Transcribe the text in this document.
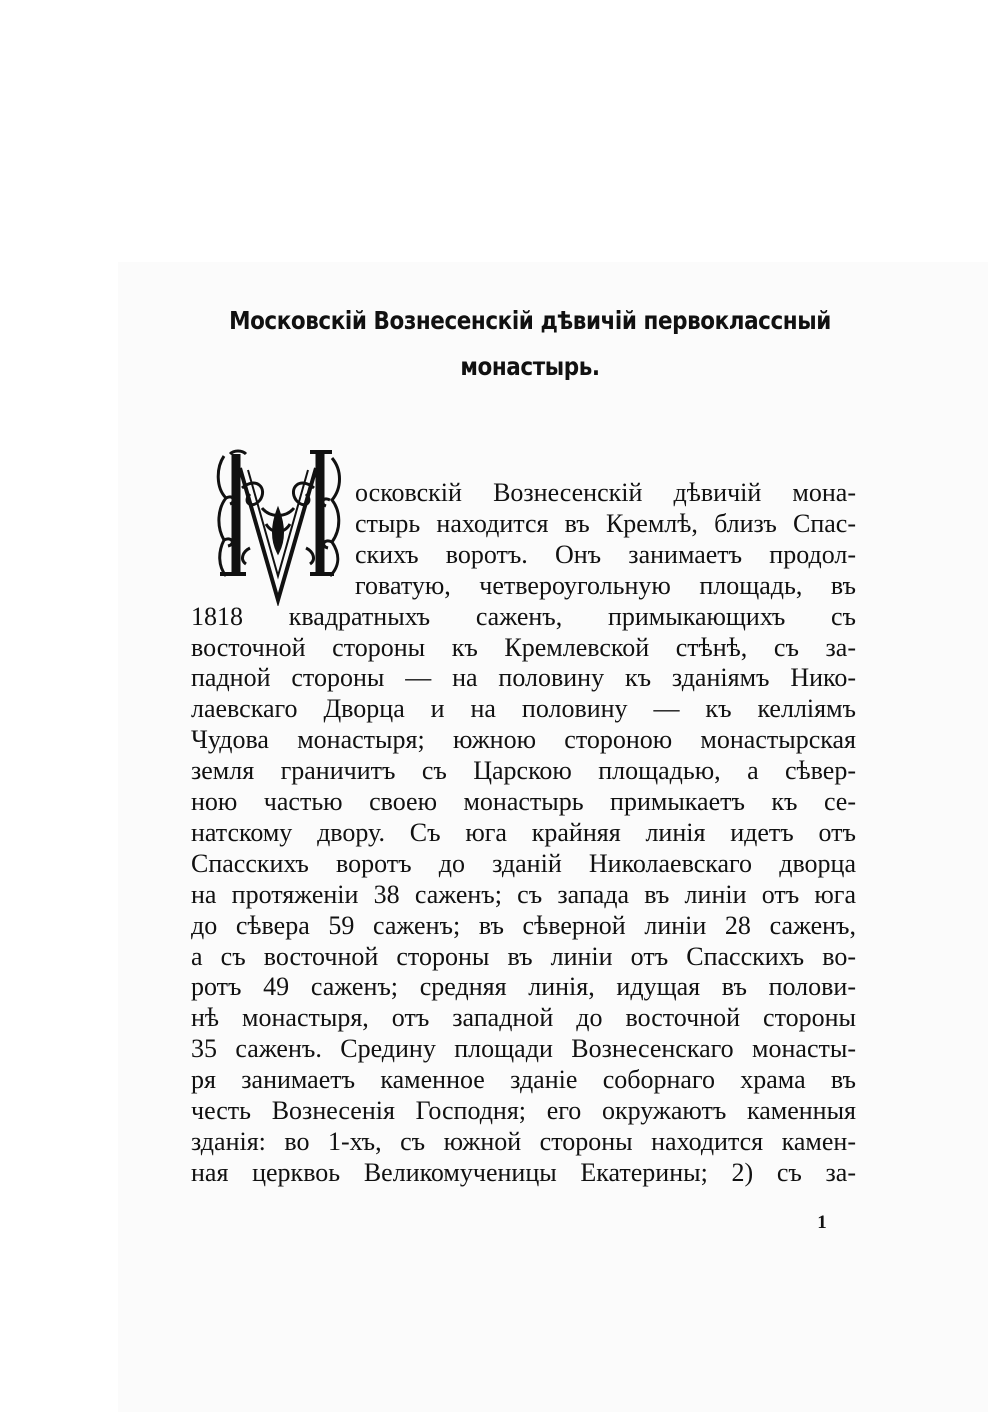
Московскій Вознесенскій дѣвичій первоклассный
монастырь.
осковскій Вознесенскій дѣвичій мона-
стырь находится въ Кремлѣ, близъ Спас-
скихъ воротъ. Онъ занимаетъ продол-
говатую, четвероугольную площадь, въ
1818 квадратныхъ саженъ, примыкающихъ съ
восточной стороны къ Кремлевской стѣнѣ, съ за-
падной стороны — на половину къ зданіямъ Нико-
лаевскаго Дворца и на половину — къ келліямъ
Чудова монастыря; южною стороною монастырская
земля граничитъ съ Царскою площадью, а сѣвер-
ною частью своею монастырь примыкаетъ къ се-
натскому двору. Съ юга крайняя линія идетъ отъ
Спасскихъ воротъ до зданій Николаевскаго дворца
на протяженіи 38 саженъ; съ запада въ линіи отъ юга
до сѣвера 59 саженъ; въ сѣверной линіи 28 саженъ,
а съ восточной стороны въ линіи отъ Спасскихъ во-
ротъ 49 саженъ; средняя линія, идущая въ полови-
нѣ монастыря, отъ западной до восточной стороны
35 саженъ. Средину площади Вознесенскаго монасты-
ря занимаетъ каменное зданіе соборнаго храма въ
честь Вознесенія Господня; его окружаютъ каменныя
зданія: во 1-хъ, съ южной стороны находится камен-
ная церквоь Великомученицы Екатерины; 2) съ за-
1
